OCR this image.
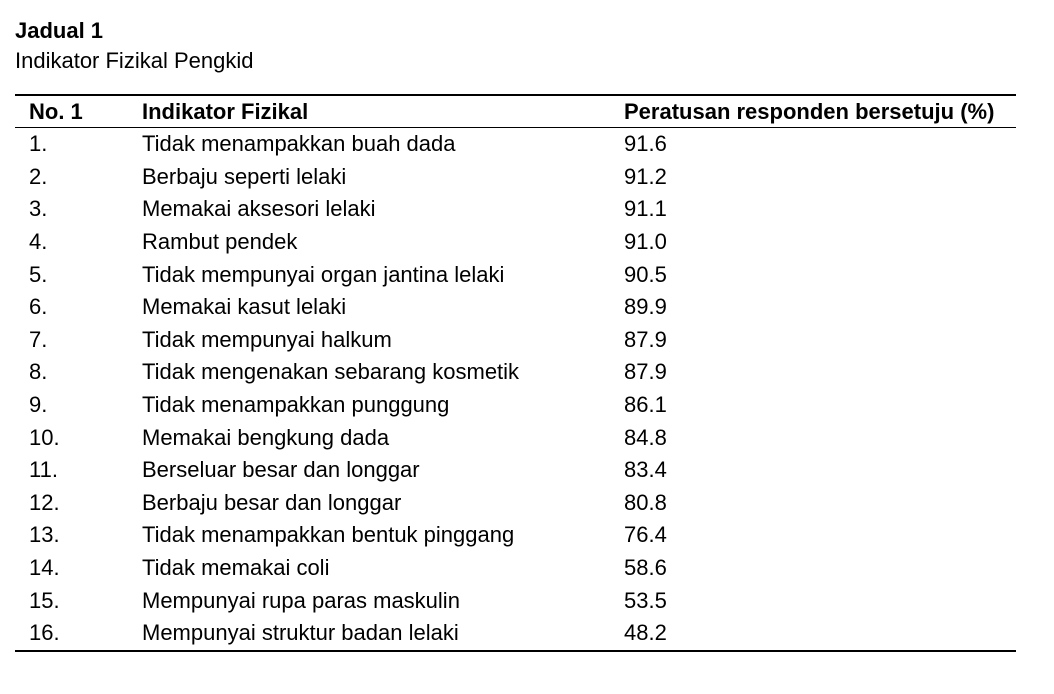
Jadual 1
Indikator Fizikal Pengkid
No. 1	Indikator Fizikal	Peratusan responden bersetuju (%)
1.	Tidak menampakkan buah dada	91.6
2.	Berbaju seperti lelaki	91.2
3.	Memakai aksesori lelaki	91.1
4.	Rambut pendek	91.0
5.	Tidak mempunyai organ jantina lelaki	90.5
6.	Memakai kasut lelaki	89.9
7.	Tidak mempunyai halkum	87.9
8.	Tidak mengenakan sebarang kosmetik	87.9
9.	Tidak menampakkan punggung	86.1
10.	Memakai bengkung dada	84.8
11.	Berseluar besar dan longgar	83.4
12.	Berbaju besar dan longgar	80.8
13.	Tidak menampakkan bentuk pinggang	76.4
14.	Tidak memakai coli	58.6
15.	Mempunyai rupa paras maskulin	53.5
16.	Mempunyai struktur badan lelaki	48.2
